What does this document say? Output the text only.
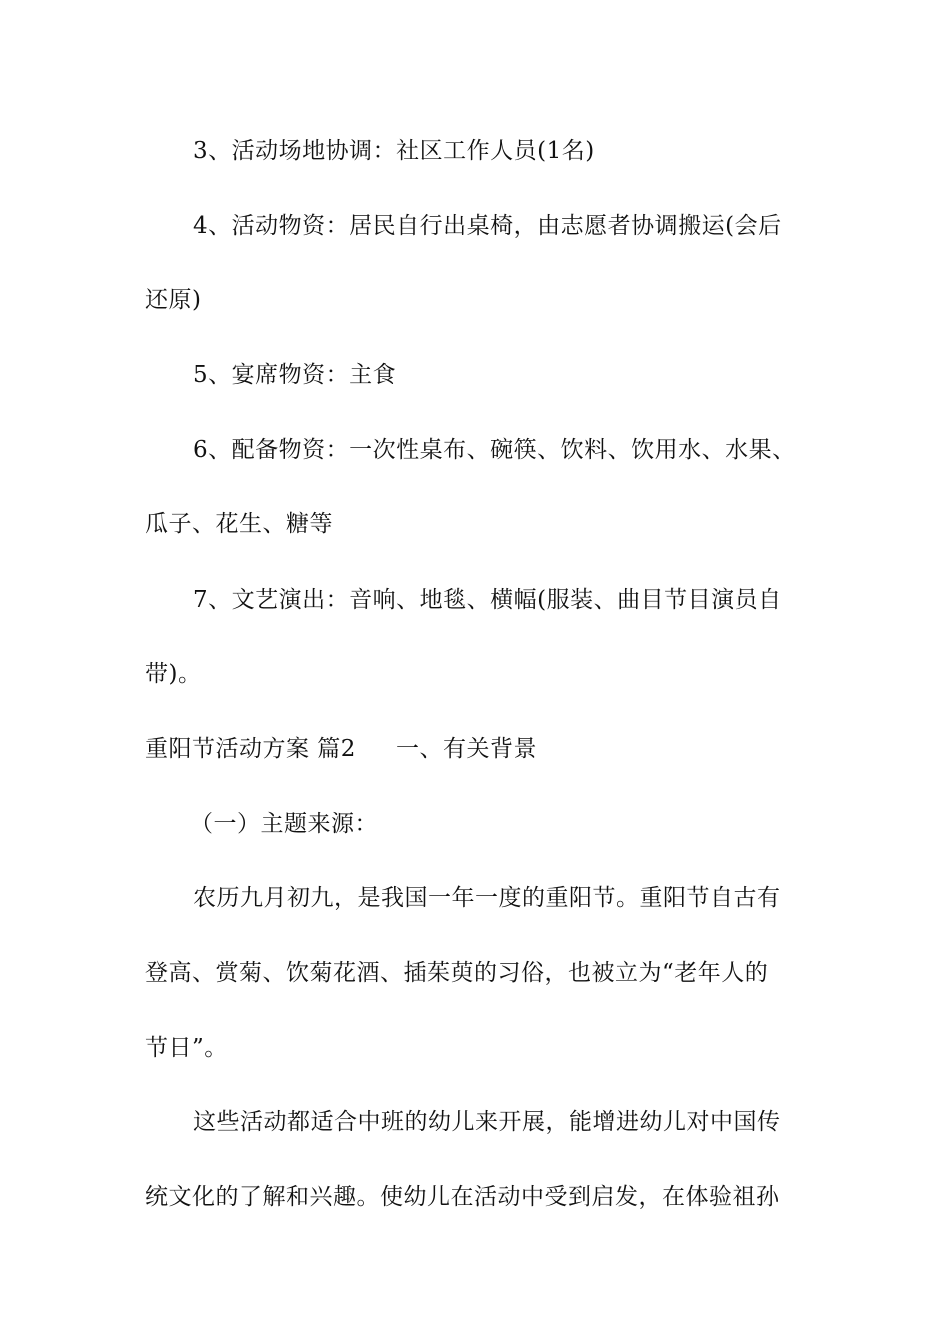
3、活动场地协调：社区工作人员(1名)
4、活动物资：居民自行出桌椅，由志愿者协调搬运(会后
还原)
5、宴席物资：主食
6、配备物资：一次性桌布、碗筷、饮料、饮用水、水果、
瓜子、花生、糖等
7、文艺演出：音响、地毯、横幅(服装、曲目节目演员自
带)。
重阳节活动方案 篇2 一、有关背景
（一）主题来源：
农历九月初九，是我国一年一度的重阳节。重阳节自古有
登高、赏菊、饮菊花酒、插茱萸的习俗，也被立为“老年人的
节日”。
这些活动都适合中班的幼儿来开展，能增进幼儿对中国传
统文化的了解和兴趣。使幼儿在活动中受到启发，在体验祖孙
